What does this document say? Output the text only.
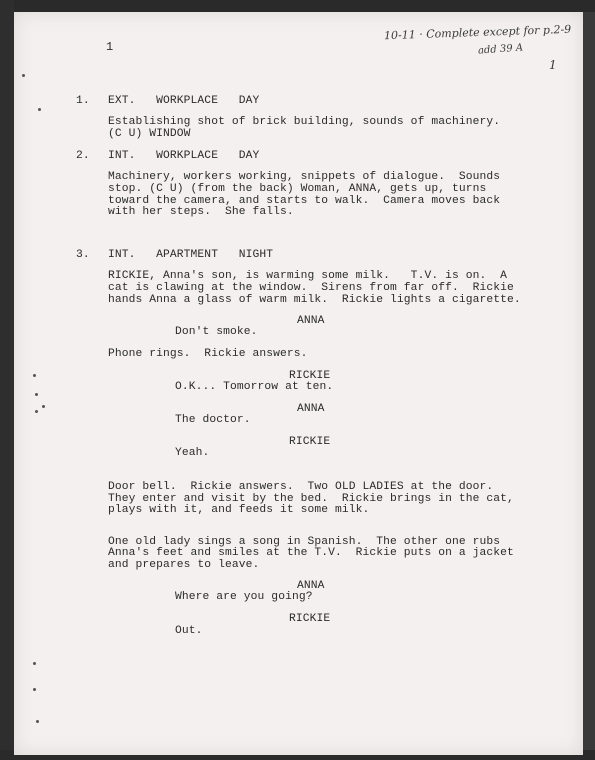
1
10-11 · Complete except for p.2-9
add 39 A
1
1. EXT.   WORKPLACE   DAY
Establishing shot of brick building, sounds of machinery.
(C U) WINDOW
2. INT.   WORKPLACE   DAY
Machinery, workers working, snippets of dialogue.  Sounds
stop. (C U) (from the back) Woman, ANNA, gets up, turns
toward the camera, and starts to walk.  Camera moves back
with her steps.  She falls.
3. INT.   APARTMENT   NIGHT
RICKIE, Anna's son, is warming some milk.   T.V. is on.  A
cat is clawing at the window.  Sirens from far off.  Rickie
hands Anna a glass of warm milk.  Rickie lights a cigarette.
ANNA
Don't smoke.
Phone rings.  Rickie answers.
RICKIE
O.K... Tomorrow at ten.
ANNA
The doctor.
RICKIE
Yeah.
Door bell.  Rickie answers.  Two OLD LADIES at the door.
They enter and visit by the bed.  Rickie brings in the cat,
plays with it, and feeds it some milk.
One old lady sings a song in Spanish.  The other one rubs
Anna's feet and smiles at the T.V.  Rickie puts on a jacket
and prepares to leave.
ANNA
Where are you going?
RICKIE
Out.
